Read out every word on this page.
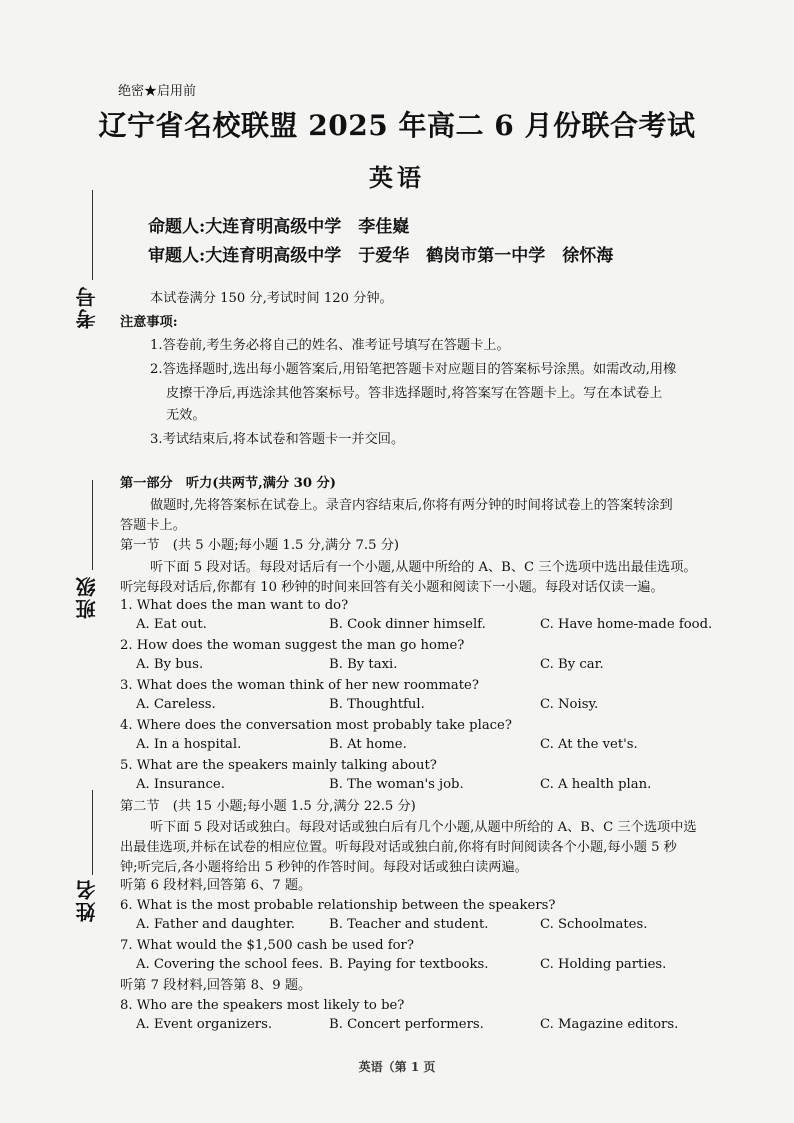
绝密★启用前
辽宁省名校联盟 2025 年高二 6 月份联合考试
英语
命题人:大连育明高级中学　李佳嶷
审题人:大连育明高级中学　于爱华　鹤岗市第一中学　徐怀海
考号
班级
姓名
本试卷满分 150 分,考试时间 120 分钟。
注意事项:
1.答卷前,考生务必将自己的姓名、准考证号填写在答题卡上。
2.答选择题时,选出每小题答案后,用铅笔把答题卡对应题目的答案标号涂黑。如需改动,用橡
皮擦干净后,再选涂其他答案标号。答非选择题时,将答案写在答题卡上。写在本试卷上
无效。
3.考试结束后,将本试卷和答题卡一并交回。
第一部分　听力(共两节,满分 30 分)
做题时,先将答案标在试卷上。录音内容结束后,你将有两分钟的时间将试卷上的答案转涂到
答题卡上。
第一节　(共 5 小题;每小题 1.5 分,满分 7.5 分)
听下面 5 段对话。每段对话后有一个小题,从题中所给的 A、B、C 三个选项中选出最佳选项。
听完每段对话后,你都有 10 秒钟的时间来回答有关小题和阅读下一小题。每段对话仅读一遍。
1. What does the man want to do?
A. Eat out.	B. Cook dinner himself.	C. Have home-made food.
2. How does the woman suggest the man go home?
A. By bus.	B. By taxi.	C. By car.
3. What does the woman think of her new roommate?
A. Careless.	B. Thoughtful.	C. Noisy.
4. Where does the conversation most probably take place?
A. In a hospital.	B. At home.	C. At the vet's.
5. What are the speakers mainly talking about?
A. Insurance.	B. The woman's job.	C. A health plan.
第二节　(共 15 小题;每小题 1.5 分,满分 22.5 分)
听下面 5 段对话或独白。每段对话或独白后有几个小题,从题中所给的 A、B、C 三个选项中选
出最佳选项,并标在试卷的相应位置。听每段对话或独白前,你将有时间阅读各个小题,每小题 5 秒
钟;听完后,各小题将给出 5 秒钟的作答时间。每段对话或独白读两遍。
听第 6 段材料,回答第 6、7 题。
6. What is the most probable relationship between the speakers?
A. Father and daughter.	B. Teacher and student.	C. Schoolmates.
7. What would the $1,500 cash be used for?
A. Covering the school fees. B. Paying for textbooks.	C. Holding parties.
听第 7 段材料,回答第 8、9 题。
8. Who are the speakers most likely to be?
A. Event organizers.	B. Concert performers.	C. Magazine editors.
英语（第 1 页
